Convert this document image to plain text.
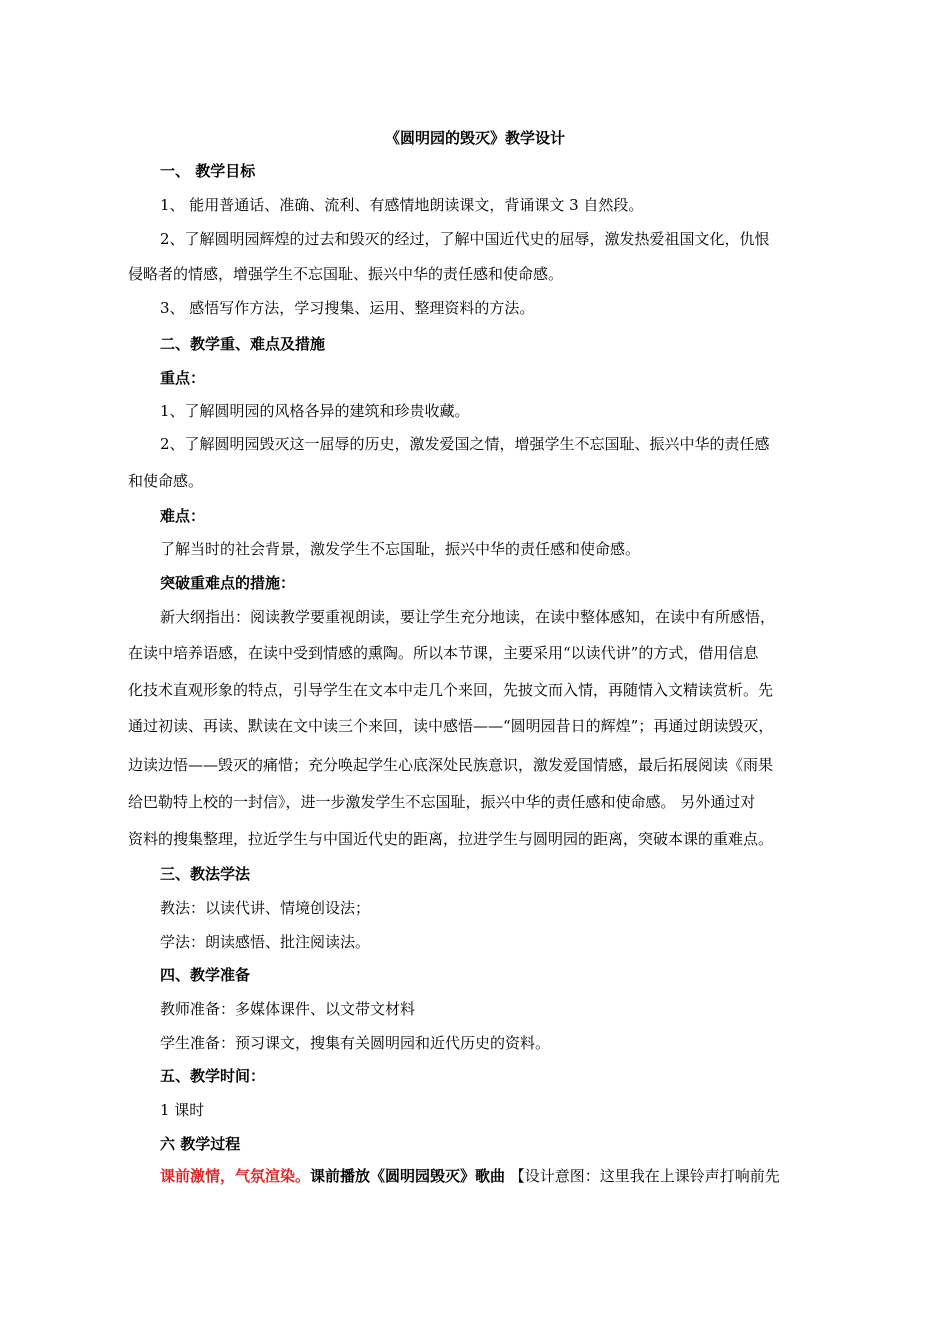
《圆明园的毁灭》教学设计
一、 教学目标
1、 能用普通话、准确、流利、有感情地朗读课文，背诵课文 3 自然段。
2、了解圆明园辉煌的过去和毁灭的经过，了解中国近代史的屈辱，激发热爱祖国文化，仇恨
侵略者的情感，增强学生不忘国耻、振兴中华的责任感和使命感。
3、 感悟写作方法，学习搜集、运用、整理资料的方法。
二、教学重、难点及措施
重点：
1、了解圆明园的风格各异的建筑和珍贵收藏。
2、了解圆明园毁灭这一屈辱的历史，激发爱国之情，增强学生不忘国耻、振兴中华的责任感
和使命感。
难点：
了解当时的社会背景，激发学生不忘国耻，振兴中华的责任感和使命感。
突破重难点的措施：
新大纲指出：阅读教学要重视朗读，要让学生充分地读，在读中整体感知，在读中有所感悟，
在读中培养语感，在读中受到情感的熏陶。所以本节课，主要采用“以读代讲”的方式，借用信息
化技术直观形象的特点，引导学生在文本中走几个来回，先披文而入情，再随情入文精读赏析。先
通过初读、再读、默读在文中读三个来回，读中感悟——“圆明园昔日的辉煌”；再通过朗读毁灭，
边读边悟——毁灭的痛惜；充分唤起学生心底深处民族意识，激发爱国情感，最后拓展阅读《雨果
给巴勒特上校的一封信》，进一步激发学生不忘国耻，振兴中华的责任感和使命感。 另外通过对
资料的搜集整理，拉近学生与中国近代史的距离，拉进学生与圆明园的距离，突破本课的重难点。
三、教法学法
教法：以读代讲、情境创设法；
学法：朗读感悟、批注阅读法。
四、教学准备
教师准备：多媒体课件、以文带文材料
学生准备：预习课文，搜集有关圆明园和近代历史的资料。
五、教学时间：
1 课时
六 教学过程
课前激情，气氛渲染。课前播放《圆明园毁灭》歌曲 【设计意图：这里我在上课铃声打响前先
